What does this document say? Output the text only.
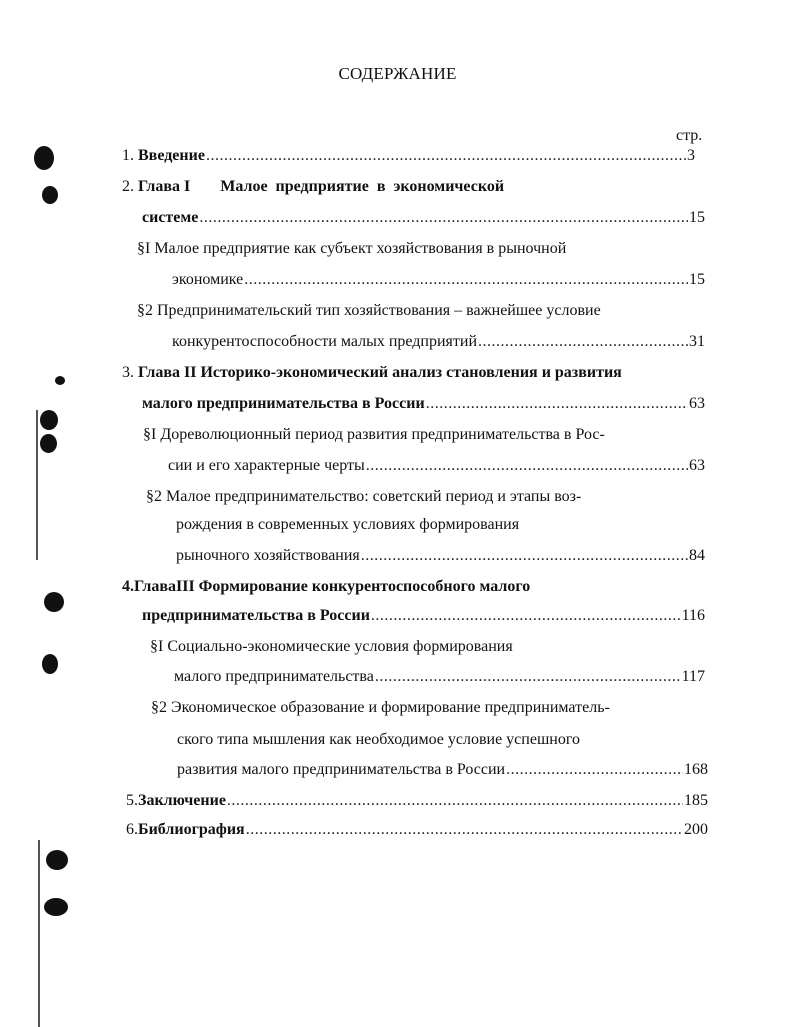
СОДЕРЖАНИЕ
стр.
1. Введение .....	3
2. Глава I Малое  предприятие  в  экономической
системе .....	15
§I Малое предприятие как субъект хозяйствования в рыночной
экономике .....	15
§2 Предпринимательский тип хозяйствования – важнейшее условие
конкурентоспособности малых предприятий .....	31
3. Глава II Историко-экономический анализ становления и развития
малого предпринимательства в России .....	63
§I Дореволюционный период развития предпринимательства в Рос-
сии и его характерные черты .....	63
§2 Малое предпринимательство: советский период и этапы воз-
рождения в современных условиях формирования
рыночного хозяйствования .....	84
4.ГлаваIII Формирование конкурентоспособного малого
предпринимательства в России .....	116
§I Социально-экономические условия формирования
малого предпринимательства .....	117
§2 Экономическое образование и формирование предприниматель-
ского типа мышления как необходимое условие успешного
развития малого предпринимательства в России .....	168
5.Заключение .....	185
6.Библиография .....	200
